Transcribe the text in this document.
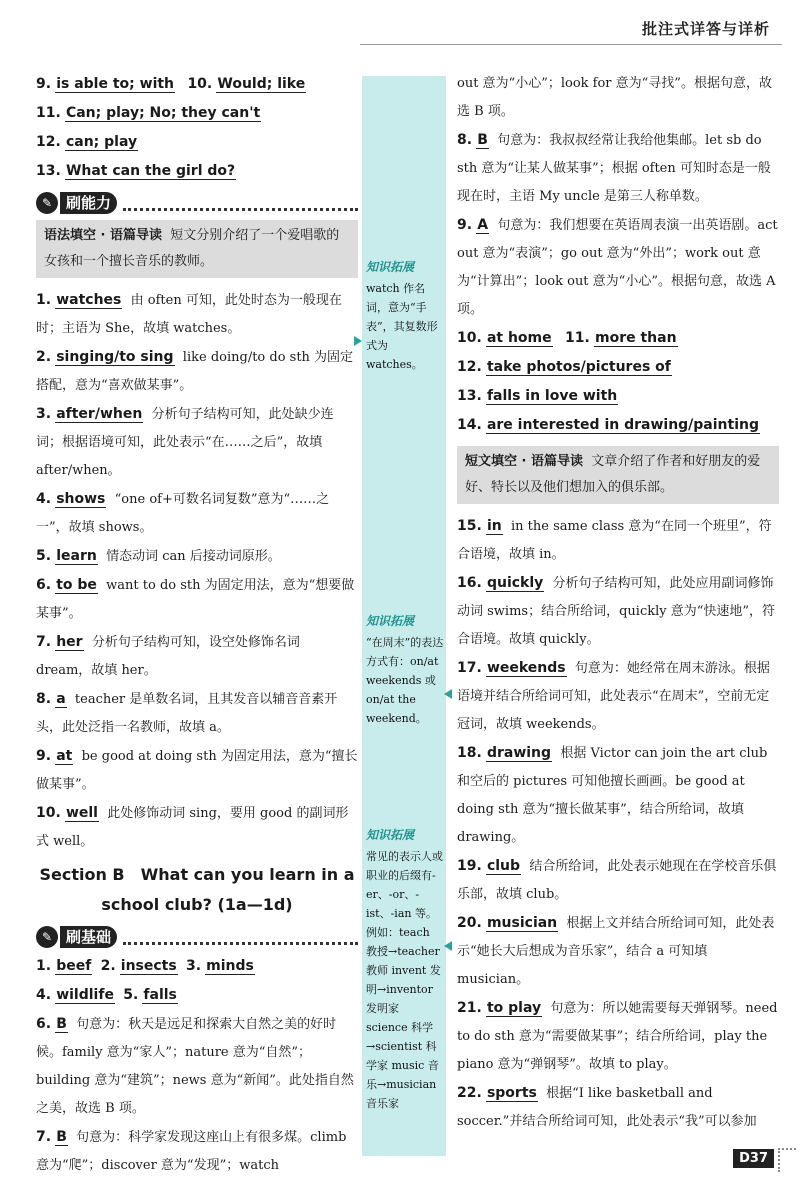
批注式详答与详析
知识拓展
watch 作名词，意为“手表”，其复数形式为 watches。
知识拓展
“在周末”的表达方式有：on/at weekends 或 on/at the weekend。
知识拓展
常见的表示人或职业的后缀有-er、-or、-ist、-ian 等。例如：teach 教授→teacher 教师 invent 发明→inventor 发明家 science 科学→scientist 科学家 music 音乐→musician 音乐家

9. is able to; with 10. Would; like

11. Can; play; No; they can't

12. can; play

13. What can the girl do?

✎ 刷能力
语法填空 · 语篇导读 短文分别介绍了一个爱唱歌的女孩和一个擅长音乐的教师。
1. watches 由 often 可知，此处时态为一般现在时；主语为 She，故填 watches。
2. singing/to sing like doing/to do sth 为固定搭配，意为“喜欢做某事”。
3. after/when 分析句子结构可知，此处缺少连词；根据语境可知，此处表示“在……之后”，故填 after/when。
4. shows “one of+可数名词复数”意为“……之一”，故填 shows。
5. learn 情态动词 can 后接动词原形。
6. to be want to do sth 为固定用法，意为“想要做某事”。
7. her 分析句子结构可知，设空处修饰名词 dream，故填 her。
8. a teacher 是单数名词，且其发音以辅音音素开头，此处泛指一名教师，故填 a。
9. at be good at doing sth 为固定用法，意为“擅长做某事”。
10. well 此处修饰动词 sing，要用 good 的副词形式 well。
Section B　What can you learn in a
school club? (1a—1d)
✎ 刷基础

1. beef 2. insects 3. minds

4. wildlife 5. falls

6. B 句意为：秋天是远足和探索大自然之美的好时候。family 意为“家人”；nature 意为“自然”；building 意为“建筑”；news 意为“新闻”。此处指自然之美，故选 B 项。
7. B 句意为：科学家发现这座山上有很多煤。climb 意为“爬”；discover 意为“发现”；watch
out 意为“小心”；look for 意为“寻找”。根据句意，故选 B 项。
8. B 句意为：我叔叔经常让我给他集邮。let sb do sth 意为“让某人做某事”；根据 often 可知时态是一般现在时，主语 My uncle 是第三人称单数。
9. A 句意为：我们想要在英语周表演一出英语剧。act out 意为“表演”；go out 意为“外出”；work out 意为“计算出”；look out 意为“小心”。根据句意，故选 A 项。

10. at home 11. more than

12. take photos/pictures of

13. falls in love with

14. are interested in drawing/painting

短文填空 · 语篇导读 文章介绍了作者和好朋友的爱好、特长以及他们想加入的俱乐部。
15. in in the same class 意为“在同一个班里”，符合语境，故填 in。
16. quickly 分析句子结构可知，此处应用副词修饰动词 swims；结合所给词，quickly 意为“快速地”，符合语境。故填 quickly。
17. weekends 句意为：她经常在周末游泳。根据语境并结合所给词可知，此处表示“在周末”，空前无定冠词，故填 weekends。
18. drawing 根据 Victor can join the art club 和空后的 pictures 可知他擅长画画。be good at doing sth 意为“擅长做某事”，结合所给词，故填 drawing。
19. club 结合所给词，此处表示她现在在学校音乐俱乐部，故填 club。
20. musician 根据上文并结合所给词可知，此处表示“她长大后想成为音乐家”，结合 a 可知填 musician。
21. to play 句意为：所以她需要每天弹钢琴。need to do sth 意为“需要做某事”；结合所给词，play the piano 意为“弹钢琴”。故填 to play。
22. sports 根据“I like basketball and soccer.”并结合所给词可知，此处表示“我”可以参加
D37
